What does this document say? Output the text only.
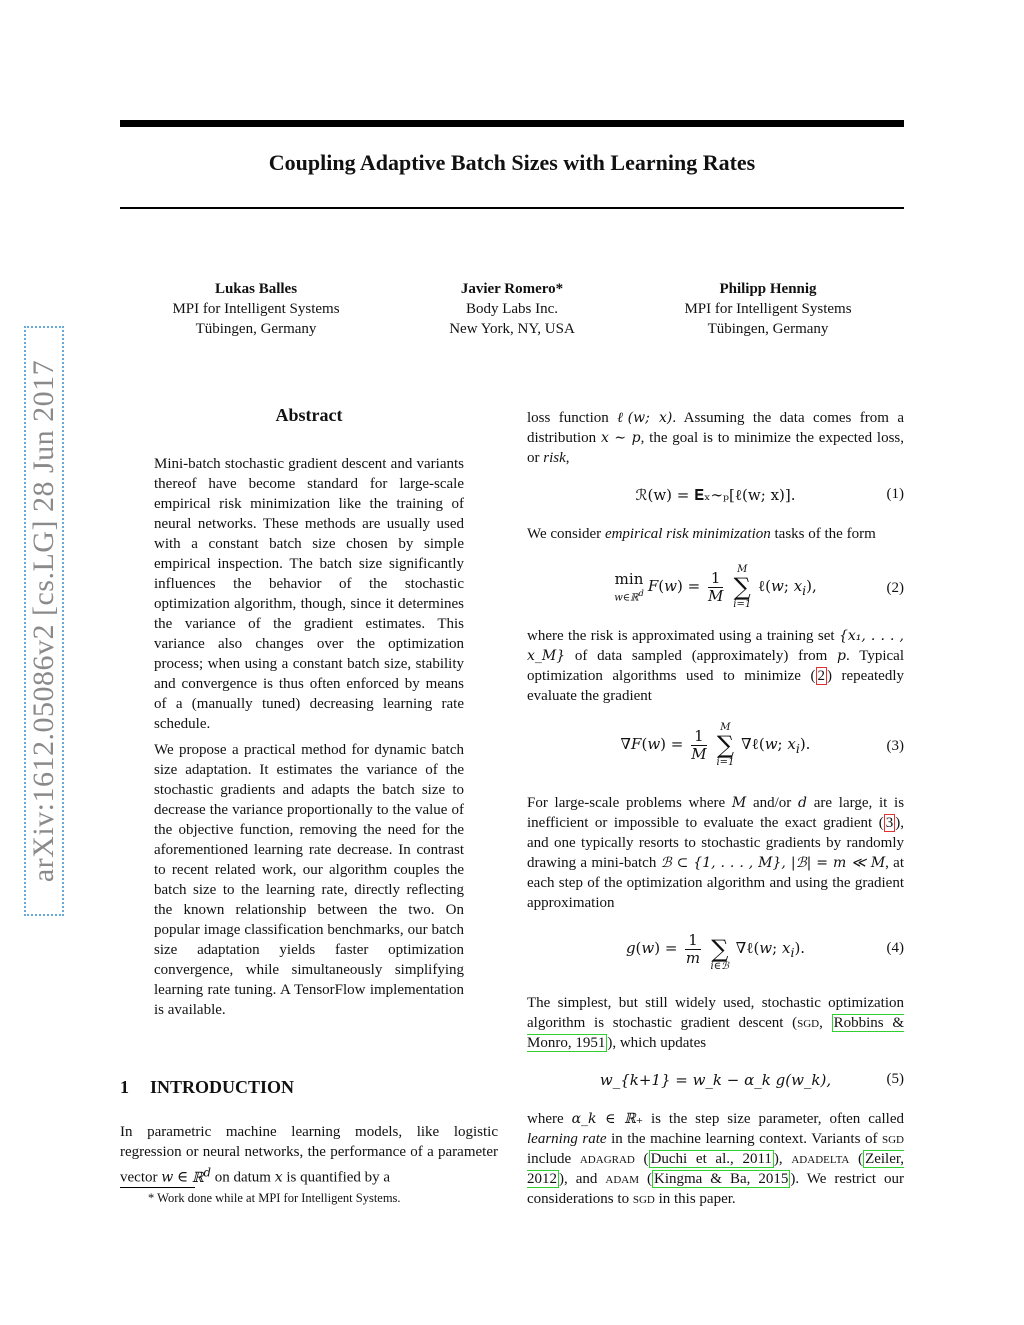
Coupling Adaptive Batch Sizes with Learning Rates
arXiv:1612.05086v2 [cs.LG] 28 Jun 2017
Lukas Balles
MPI for Intelligent Systems
Tübingen, Germany
Javier Romero*
Body Labs Inc.
New York, NY, USA
Philipp Hennig
MPI for Intelligent Systems
Tübingen, Germany
Abstract

Mini-batch stochastic gradient descent and variants thereof have become standard for large-scale empirical risk minimization like the training of neural networks. These methods are usually used with a constant batch size chosen by simple empirical inspection. The batch size significantly influences the behavior of the stochastic optimization algorithm, though, since it determines the variance of the gradient estimates. This variance also changes over the optimization process; when using a constant batch size, stability and convergence is thus often enforced by means of a (manually tuned) decreasing learning rate schedule.

We propose a practical method for dynamic batch size adaptation. It estimates the variance of the stochastic gradients and adapts the batch size to decrease the variance proportionally to the value of the objective function, removing the need for the aforementioned learning rate decrease. In contrast to recent related work, our algorithm couples the batch size to the learning rate, directly reflecting the known relationship between the two. On popular image classification benchmarks, our batch size adaptation yields faster optimization convergence, while simultaneously simplifying learning rate tuning. A TensorFlow implementation is available.

1 INTRODUCTION

In parametric machine learning models, like logistic regression or neural networks, the performance of a parameter vector w ∈ ℝ$^d$ on datum x is quantified by a

* Work done while at MPI for Intelligent Systems.

loss function ℓ(w; x). Assuming the data comes from a distribution x ∼ p, the goal is to minimize the expected loss, or risk,

ℛ(w) = 𝐄ₓ∼ₚ[ℓ(w; x)].	(1)

We consider empirical risk minimization tasks of the form

min
w∈ℝ$^d$ $F(w) = \frac{1}{M}$
	M
∑
i=1
ℓ(w; $x_i$),	(2)

where the risk is approximated using a training set {x₁, . . . , x_M} of data sampled (approximately) from p. Typical optimization algorithms used to minimize ( 2 ) repeatedly evaluate the gradient

$\nabla F(w) = \frac{1}{M}$
	M
∑
i=1
∇ℓ(w; $x_i$).	(3)

For large-scale problems where M and/or d are large, it is inefficient or impossible to evaluate the exact gradient ( 3 ), and one typically resorts to stochastic gradients by randomly drawing a mini-batch ℬ ⊂ {1, . . . , M}, |ℬ| = m ≪ M, at each step of the optimization algorithm and using the gradient approximation

$g(w) = \frac{1}{m}$

∑
i∈ℬ
∇ℓ(w; $x_i$).	(4)

The simplest, but still widely used, stochastic optimization algorithm is stochastic gradient descent (sgd, Robbins & Monro, 1951 ), which updates

w_{k+1} = w_k − α_k g(w_k),	(5)

where α_k ∈ ℝ₊ is the step size parameter, often called learning rate in the machine learning context. Variants of sgd include adagrad ( Duchi et al., 2011 ), adadelta ( Zeiler, 2012 ), and adam ( Kingma & Ba, 2015 ). We restrict our considerations to sgd in this paper.
